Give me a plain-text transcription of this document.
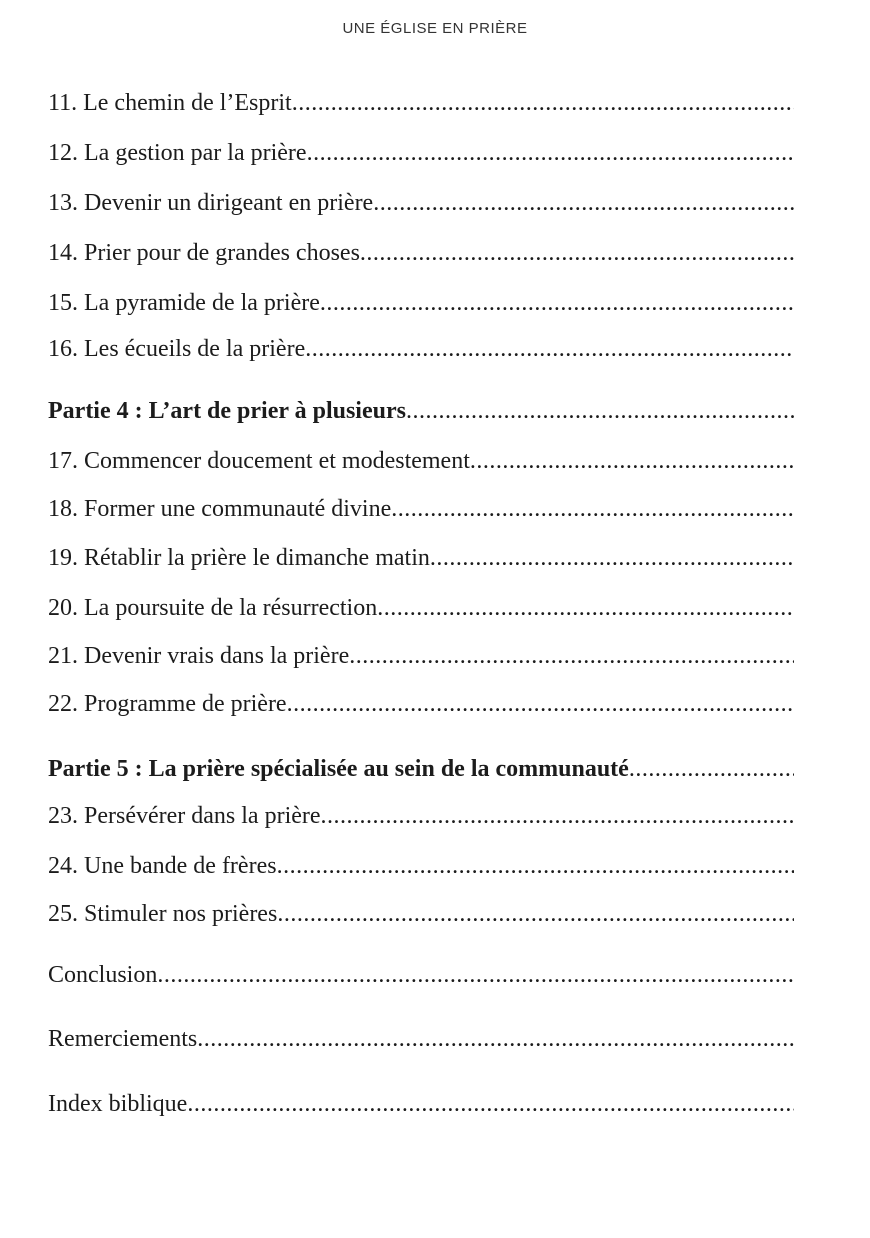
UNE ÉGLISE EN PRIÈRE
11. Le chemin de l’Esprit
.....
12. La gestion par la prière
.....
13. Devenir un dirigeant en prière
.....
14. Prier pour de grandes choses
.....
15. La pyramide de la prière
.....
16. Les écueils de la prière
.....
Partie 4 : L’art de prier à plusieurs
.....
17. Commencer doucement et modestement
.....
18. Former une communauté divine
.....
19. Rétablir la prière le dimanche matin
.....
20. La poursuite de la résurrection
.....
21. Devenir vrais dans la prière
.....
22. Programme de prière
.....
Partie 5 : La prière spécialisée au sein de la communauté
.....
23. Persévérer dans la prière
.....
24. Une bande de frères
.....
25. Stimuler nos prières
.....
Conclusion
.....
Remerciements
.....
Index biblique
.....
